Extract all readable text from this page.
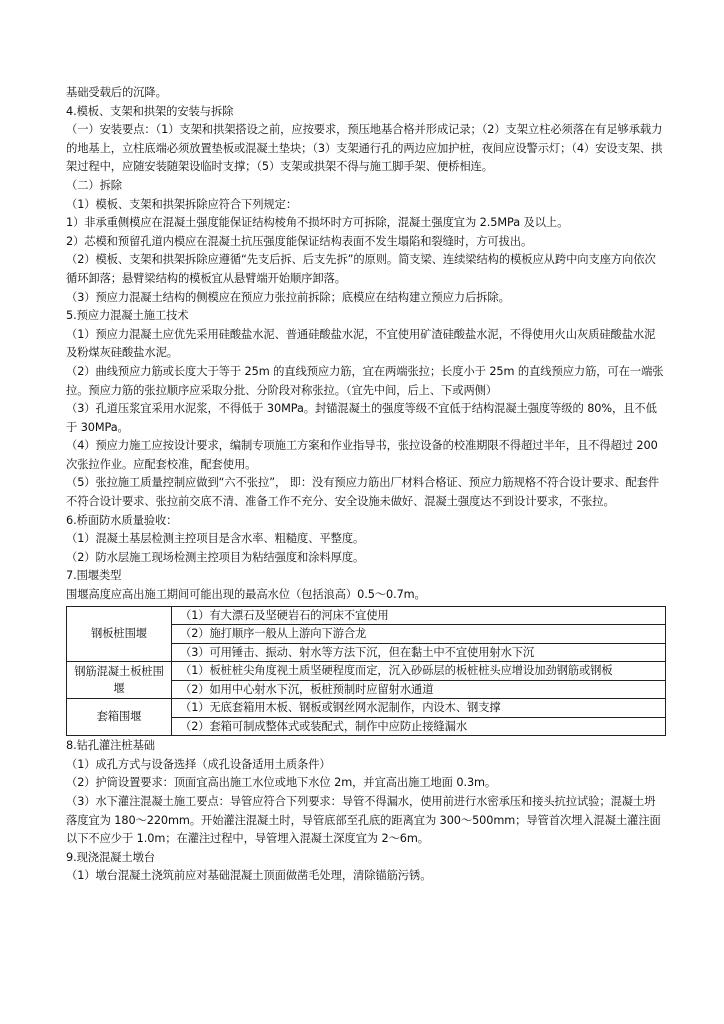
基础受载后的沉降。

4.模板、支架和拱架的安装与拆除

（一）安装要点：（1）支架和拱架搭设之前，应按要求，预压地基合格并形成记录；（2）支架立柱必须落在有足够承载力的地基上，立柱底端必须放置垫板或混凝土垫块；（3）支架通行孔的两边应加护桩，夜间应设警示灯；（4）安设支架、拱架过程中，应随安装随架设临时支撑；（5）支架或拱架不得与施工脚手架、便桥相连。

（二）拆除

（1）模板、支架和拱架拆除应符合下列规定：

1）非承重侧模应在混凝土强度能保证结构棱角不损坏时方可拆除，混凝土强度宜为 2.5MPa 及以上。

2）芯模和预留孔道内模应在混凝土抗压强度能保证结构表面不发生塌陷和裂缝时，方可拔出。

（2）模板、支架和拱架拆除应遵循“先支后拆、后支先拆”的原则。简支梁、连续梁结构的模板应从跨中向支座方向依次循环卸落；悬臂梁结构的模板宜从悬臂端开始顺序卸落。

（3）预应力混凝土结构的侧模应在预应力张拉前拆除；底模应在结构建立预应力后拆除。

5.预应力混凝土施工技术

（1）预应力混凝土应优先采用硅酸盐水泥、普通硅酸盐水泥，不宜使用矿渣硅酸盐水泥，不得使用火山灰质硅酸盐水泥及粉煤灰硅酸盐水泥。

（2）曲线预应力筋或长度大于等于 25m 的直线预应力筋，宜在两端张拉；长度小于 25m 的直线预应力筋，可在一端张拉。预应力筋的张拉顺序应采取分批、分阶段对称张拉。（宜先中间，后上、下或两侧）

（3）孔道压浆宜采用水泥浆，不得低于 30MPa。封锚混凝土的强度等级不宜低于结构混凝土强度等级的 80%，且不低于 30MPa。

（4）预应力施工应按设计要求，编制专项施工方案和作业指导书，张拉设备的校准期限不得超过半年，且不得超过 200 次张拉作业。应配套校准，配套使用。

（5）张拉施工质量控制应做到“六不张拉”， 即：没有预应力筋出厂材料合格证、预应力筋规格不符合设计要求、配套件不符合设计要求、张拉前交底不清、准备工作不充分、安全设施未做好、混凝土强度达不到设计要求，不张拉。

6.桥面防水质量验收：

（1）混凝土基层检测主控项目是含水率、粗糙度、平整度。

（2）防水层施工现场检测主控项目为粘结强度和涂料厚度。

7.围堰类型

围堰高度应高出施工期间可能出现的最高水位（包括浪高）0.5～0.7m。

钢板桩围堰	（1）有大漂石及坚硬岩石的河床不宜使用
	（2）施打顺序一般从上游向下游合龙
	（3）可用锤击、振动、射水等方法下沉，但在黏土中不宜使用射水下沉
钢筋混凝土板桩围堰	（1）板桩桩尖角度视土质坚硬程度而定，沉入砂砾层的板桩桩头应增设加劲钢筋或钢板
	（2）如用中心射水下沉，板桩预制时应留射水通道
套箱围堰	（1）无底套箱用木板、钢板或钢丝网水泥制作，内设木、钢支撑
	（2）套箱可制成整体式或装配式，制作中应防止接缝漏水

8.钻孔灌注桩基础

（1）成孔方式与设备选择（成孔设备适用土质条件）

（2）护筒设置要求：顶面宜高出施工水位或地下水位 2m，并宜高出施工地面 0.3m。

（3）水下灌注混凝土施工要点：导管应符合下列要求：导管不得漏水，使用前进行水密承压和接头抗拉试验；混凝土坍落度宜为 180～220mm。开始灌注混凝土时，导管底部至孔底的距离宜为 300～500mm；导管首次埋入混凝土灌注面以下不应少于 1.0m；在灌注过程中，导管埋入混凝土深度宜为 2～6m。

9.现浇混凝土墩台

（1）墩台混凝土浇筑前应对基础混凝土顶面做凿毛处理，清除锚筋污锈。
